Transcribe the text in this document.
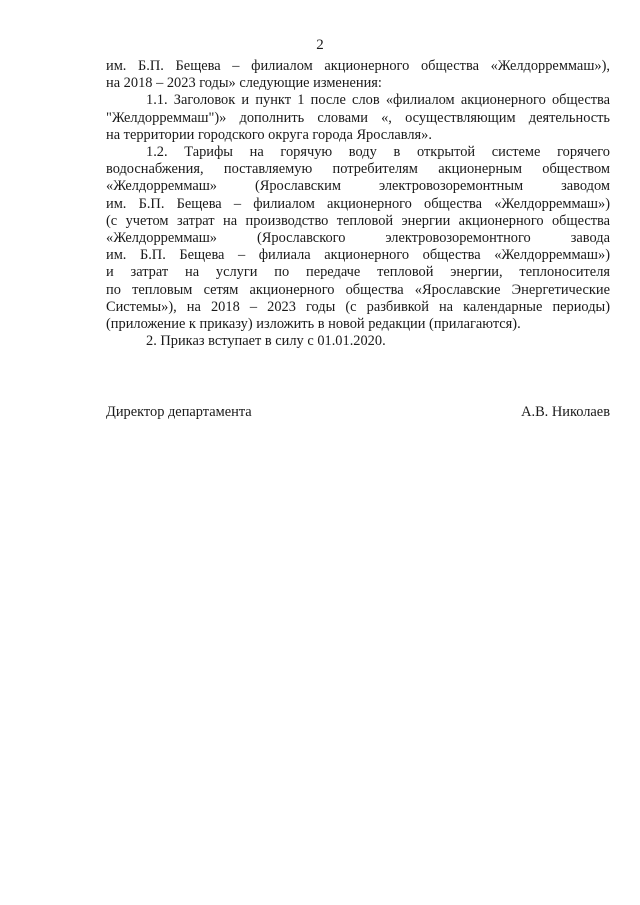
2

им. Б.П. Бещева – филиалом акционерного общества «Желдорреммаш»),
на 2018 – 2023 годы» следующие изменения:

1.1. Заголовок и пункт 1 после слов «филиалом акционерного общества
"Желдорреммаш")» дополнить словами «, осуществляющим деятельность
на территории городского округа города Ярославля».

1.2. Тарифы на горячую воду в открытой системе горячего
водоснабжения, поставляемую потребителям акционерным обществом
«Желдорреммаш» (Ярославским электровозоремонтным заводом
им. Б.П. Бещева – филиалом акционерного общества «Желдорреммаш»)
(с учетом затрат на производство тепловой энергии акционерного общества
«Желдорреммаш» (Ярославского электровозоремонтного завода
им. Б.П. Бещева – филиала акционерного общества «Желдорреммаш»)
и затрат на услуги по передаче тепловой энергии, теплоносителя
по тепловым сетям акционерного общества «Ярославские Энергетические
Системы»), на 2018 – 2023 годы (с разбивкой на календарные периоды)
(приложение к приказу) изложить в новой редакции (прилагаются).

2. Приказ вступает в силу с 01.01.2020.

Директор департамента	А.В. Николаев
